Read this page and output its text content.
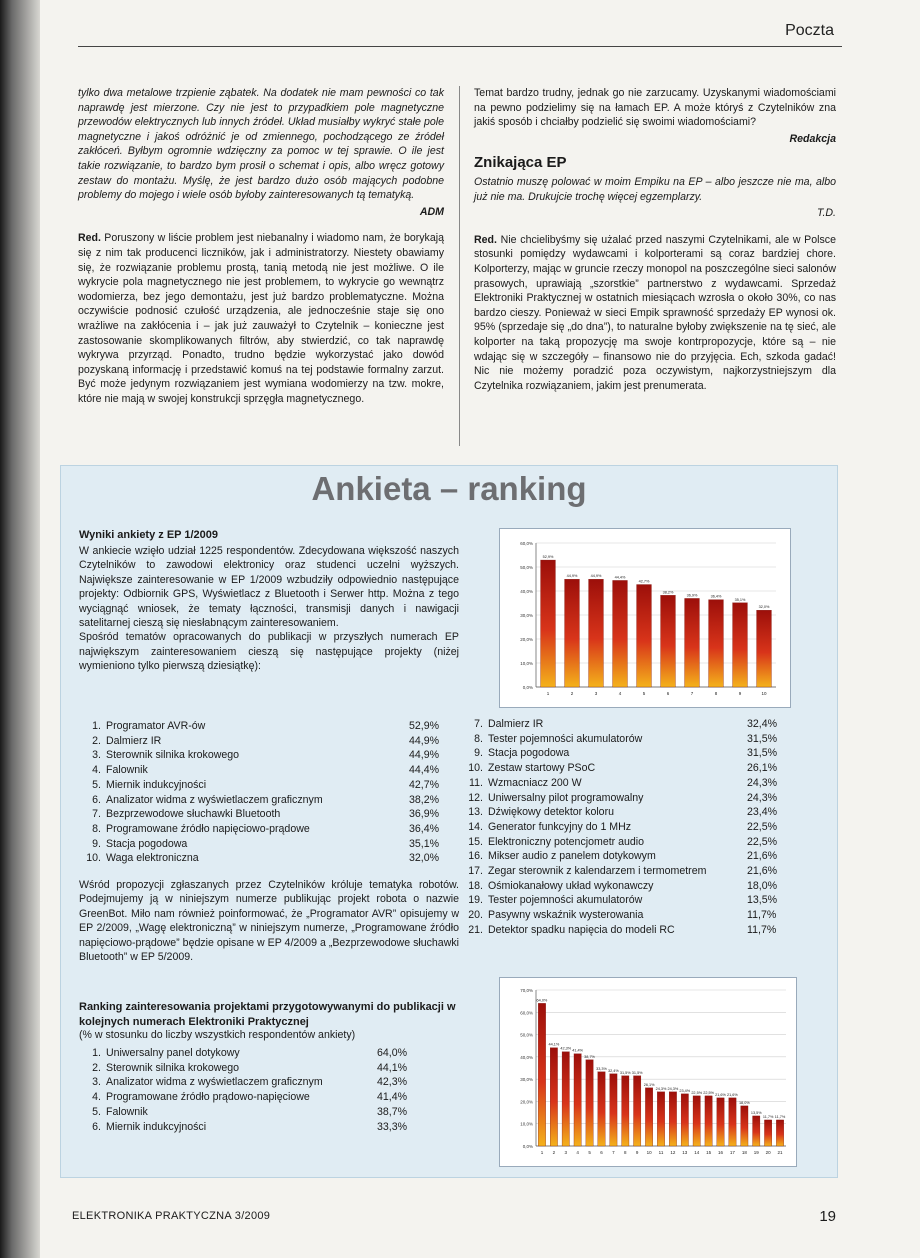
Poczta

tylko dwa metalowe trzpienie ząbatek. Na dodatek nie mam pewności co tak naprawdę jest mierzone. Czy nie jest to przypadkiem pole magnetyczne przewodów elektrycznych lub innych źródeł. Układ musiałby wykryć stałe pole magnetyczne i jakoś odróżnić je od zmiennego, pochodzącego ze źródeł zakłóceń. Byłbym ogromnie wdzięczny za pomoc w tej sprawie. O ile jest takie rozwiązanie, to bardzo bym prosił o schemat i opis, albo wręcz gotowy zestaw do montażu. Myślę, że jest bardzo dużo osób mających podobne problemy do mojego i wiele osób byłoby zainteresowanych tą tematyką.

ADM

Red. Poruszony w liście problem jest niebanalny i wiadomo nam, że borykają się z nim tak producenci liczników, jak i administratorzy. Niestety obawiamy się, że rozwiązanie problemu prostą, tanią metodą nie jest możliwe. O ile wykrycie pola magnetycznego nie jest problemem, to wykrycie go wewnątrz wodomierza, bez jego demontażu, jest już bardzo problematyczne. Można oczywiście podnosić czułość urządzenia, ale jednocześnie staje się ono wrażliwe na zakłócenia i – jak już zauważył to Czytelnik – konieczne jest zastosowanie skomplikowanych filtrów, aby stwierdzić, co tak naprawdę wykrywa przyrząd. Ponadto, trudno będzie wykorzystać jako dowód pozyskaną informację i przedstawić komuś na tej podstawie formalny zarzut. Być może jedynym rozwiązaniem jest wymiana wodomierzy na tzw. mokre, które nie mają w swojej konstrukcji sprzęgła magnetycznego.

Temat bardzo trudny, jednak go nie zarzucamy. Uzyskanymi wiadomościami na pewno podzielimy się na łamach EP. A może któryś z Czytelników zna jakiś sposób i chciałby podzielić się swoimi wiadomościami?

Redakcja
Znikająca EP

Ostatnio muszę polować w moim Empiku na EP – albo jeszcze nie ma, albo już nie ma. Drukujcie trochę więcej egzemplarzy.

T.D.

Red. Nie chcielibyśmy się użalać przed naszymi Czytelnikami, ale w Polsce stosunki pomiędzy wydawcami i kolporterami są coraz bardziej chore. Kolporterzy, mając w gruncie rzeczy monopol na poszczególne sieci salonów prasowych, uprawiają „szorstkie” partnerstwo z wydawcami. Sprzedaż Elektroniki Praktycznej w ostatnich miesiącach wzrosła o około 30%, co nas bardzo cieszy. Ponieważ w sieci Empik sprawność sprzedaży EP wynosi ok. 95% (sprzedaje się „do dna”), to naturalne byłoby zwiększenie na tę sieć, ale kolporter na taką propozycję ma swoje kontrpropozycje, które są – nie wdając się w szczegóły – finansowo nie do przyjęcia. Ech, szkoda gadać! Nic nie możemy poradzić poza oczywistym, najkorzystniejszym dla Czytelnika rozwiązaniem, jakim jest prenumerata.

Ankieta – ranking
Wyniki ankiety z EP 1/2009

W ankiecie wzięło udział 1225 respondentów. Zdecydowana większość naszych Czytelników to zawodowi elektronicy oraz studenci uczelni wyższych. Największe zainteresowanie w EP 1/2009 wzbudziły odpowiednio następujące projekty: Odbiornik GPS, Wyświetlacz z Bluetooth i Serwer http. Można z tego wyciągnąć wniosek, że tematy łączności, transmisji danych i nawigacji satelitarnej cieszą się niesłabnącym zainteresowaniem.

Spośród tematów opracowanych do publikacji w przyszłych numerach EP największym zainteresowaniem cieszą się następujące projekty (niżej wymieniono tylko pierwszą dziesiątkę):

1. Programator AVR-ów	52,9%
2. Dalmierz IR	44,9%
3. Sterownik silnika krokowego	44,9%
4. Falownik	44,4%
5. Miernik indukcyjności	42,7%
6. Analizator widma z wyświetlaczem graficznym	38,2%
7. Bezprzewodowe słuchawki Bluetooth	36,9%
8. Programowane źródło napięciowo-prądowe	36,4%
9. Stacja pogodowa	35,1%
10. Waga elektroniczna	32,0%
Wśród propozycji zgłaszanych przez Czytelników króluje tematyka robotów. Podejmujemy ją w niniejszym numerze publikując projekt robota o nazwie GreenBot. Miło nam również poinformować, że „Programator AVR” opisujemy w EP 2/2009, „Wagę elektroniczną” w niniejszym numerze, „Programowane źródło napięciowo-prądowe” będzie opisane w EP 4/2009 a „Bezprzewodowe słuchawki Bluetooth” w EP 5/2009.
Ranking zainteresowania projektami przygotowywanymi do publikacji w kolejnych numerach Elektroniki Praktycznej
(% w stosunku do liczby wszystkich respondentów ankiety)
1. Uniwersalny panel dotykowy	64,0%
2. Sterownik silnika krokowego	44,1%
3. Analizator widma z wyświetlaczem graficznym	42,3%
4. Programowane źródło prądowo-napięciowe	41,4%
5. Falownik	38,7%
6. Miernik indukcyjności	33,3%
0,0%
10,0%
20,0%
30,0%
40,0%
50,0%
60,0%
52,9%
1
44,9%
2
44,9%
3
44,4%
4
42,7%
5
38,2%
6
36,9%
7
36,4%
8
35,1%
9
32,0%
10
7. Dalmierz IR	32,4%
8. Tester pojemności akumulatorów	31,5%
9. Stacja pogodowa	31,5%
10. Zestaw startowy PSoC	26,1%
11. Wzmacniacz 200 W	24,3%
12. Uniwersalny pilot programowalny	24,3%
13. Dźwiękowy detektor koloru	23,4%
14. Generator funkcyjny do 1 MHz	22,5%
15. Elektroniczny potencjometr audio	22,5%
16. Mikser audio z panelem dotykowym	21,6%
17. Zegar sterownik z kalendarzem i termometrem	21,6%
18. Ośmiokanałowy układ wykonawczy	18,0%
19. Tester pojemności akumulatorów	13,5%
20. Pasywny wskaźnik wysterowania	11,7%
21. Detektor spadku napięcia do modeli RC	11,7%
0,0%
10,0%
20,0%
30,0%
40,0%
50,0%
60,0%
70,0%
64,0%
1
44,1%
2
42,3%
3
41,4%
4
38,7%
5
33,3%
6
32,4%
7
31,5%
8
31,5%
9
26,1%
10
24,3%
11
24,3%
12
23,4%
13
22,5%
14
22,5%
15
21,6%
16
21,6%
17
18,0%
18
13,5%
19
11,7%
20
11,7%
21
ELEKTRONIKA PRAKTYCZNA 3/2009	19
